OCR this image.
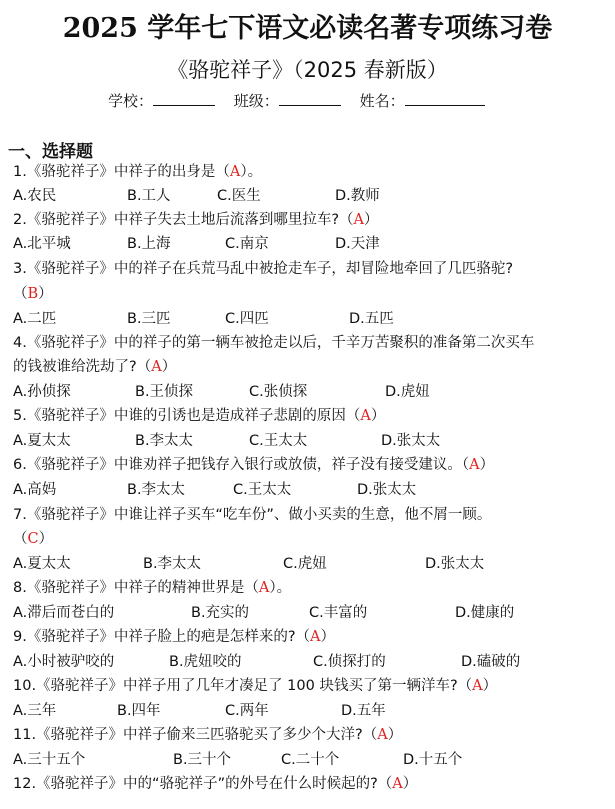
2025 学年七下语文必读名著专项练习卷
《骆驼祥子》（2025 春新版）
学校：	班级：	姓名：
一、选择题
1.《骆驼祥子》中祥子的出身是（A）。
A.农民	B.工人	C.医生	D.教师
2.《骆驼祥子》中祥子失去土地后流落到哪里拉车?（A）
A.北平城	B.上海	C.南京	D.天津
3.《骆驼祥子》中的祥子在兵荒马乱中被抢走车子，却冒险地牵回了几匹骆驼?
（B）
A.二匹	B.三匹	C.四匹	D.五匹
4.《骆驼祥子》中的祥子的第一辆车被抢走以后，千辛万苦聚积的准备第二次买车
的钱被谁给洗劫了?（A）
A.孙侦探	B.王侦探	C.张侦探	D.虎妞
5.《骆驼祥子》中谁的引诱也是造成祥子悲剧的原因（A）
A.夏太太	B.李太太	C.王太太	D.张太太
6.《骆驼祥子》中谁劝祥子把钱存入银行或放债，祥子没有接受建议。（A）
A.高妈	B.李太太	C.王太太	D.张太太
7.《骆驼祥子》中谁让祥子买车“吃车份”、做小买卖的生意，他不屑一顾。
（C）
A.夏太太	B.李太太	C.虎妞	D.张太太
8.《骆驼祥子》中祥子的精神世界是（A）。
A.滞后而苍白的	B.充实的	C.丰富的	D.健康的
9.《骆驼祥子》中祥子脸上的疤是怎样来的?（A）
A.小时被驴咬的	B.虎妞咬的	C.侦探打的	D.磕破的
10.《骆驼祥子》中祥子用了几年才凑足了 100 块钱买了第一辆洋车?（A）
A.三年	B.四年	C.两年	D.五年
11.《骆驼祥子》中祥子偷来三匹骆驼买了多少个大洋?（A）
A.三十五个	B.三十个	C.二十个	D.十五个
12.《骆驼祥子》中的“骆驼祥子”的外号在什么时候起的?（A）
